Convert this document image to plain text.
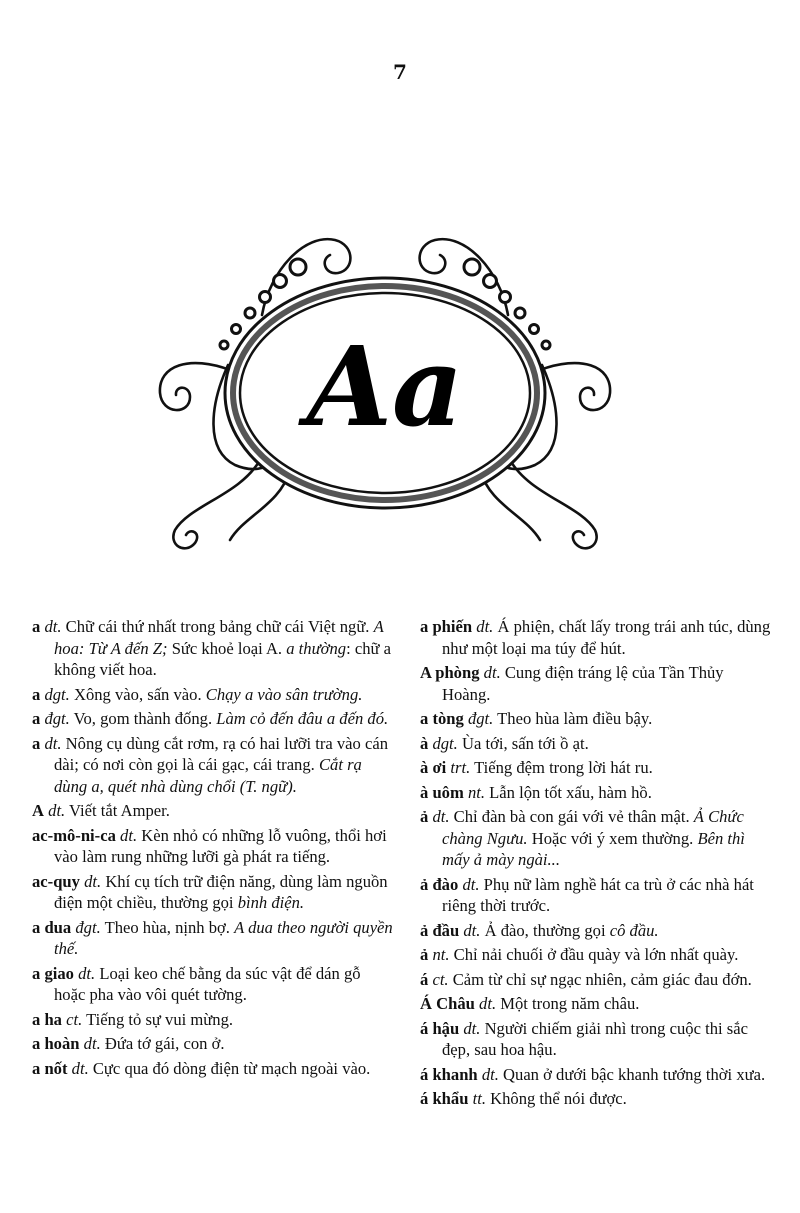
7
Aa

a dt. Chữ cái thứ nhất trong bảng chữ cái Việt ngữ. A hoa: Từ A đến Z; Sức khoẻ loại A. a thường: chữ a không viết hoa.

a dgt. Xông vào, sấn vào. Chạy a vào sân trường.

a đgt. Vo, gom thành đống. Làm cỏ đến đâu a đến đó.

a dt. Nông cụ dùng cắt rơm, rạ có hai lưỡi tra vào cán dài; có nơi còn gọi là cái gạc, cái trang. Cắt rạ dùng a, quét nhà dùng chổi (T. ngữ).

A dt. Viết tắt Amper.

ac-mô-ni-ca dt. Kèn nhỏ có những lỗ vuông, thổi hơi vào làm rung những lưỡi gà phát ra tiếng.

ac-quy dt. Khí cụ tích trữ điện năng, dùng làm nguồn điện một chiều, thường gọi bình điện.

a dua đgt. Theo hùa, nịnh bợ. A dua theo người quyền thế.

a giao dt. Loại keo chế bằng da súc vật để dán gỗ hoặc pha vào vôi quét tường.

a ha ct. Tiếng tỏ sự vui mừng.

a hoàn dt. Đứa tớ gái, con ở.

a nốt dt. Cực qua đó dòng điện từ mạch ngoài vào.

a phiến dt. Á phiện, chất lấy trong trái anh túc, dùng như một loại ma túy để hút.

A phòng dt. Cung điện tráng lệ của Tần Thủy Hoàng.

a tòng đgt. Theo hùa làm điều bậy.

à dgt. Ùa tới, sấn tới ồ ạt.

à ơi trt. Tiếng đệm trong lời hát ru.

à uôm nt. Lẫn lộn tốt xấu, hàm hồ.

ả dt. Chỉ đàn bà con gái với vẻ thân mật. Ả Chức chàng Ngưu. Hoặc với ý xem thường. Bên thì mấy ả mày ngài...

ả đào dt. Phụ nữ làm nghề hát ca trù ở các nhà hát riêng thời trước.

ả đầu dt. Ả đào, thường gọi cô đầu.

ả nt. Chỉ nải chuối ở đầu quày và lớn nhất quày.

á ct. Cảm từ chỉ sự ngạc nhiên, cảm giác đau đớn.

Á Châu dt. Một trong năm châu.

á hậu dt. Người chiếm giải nhì trong cuộc thi sắc đẹp, sau hoa hậu.

á khanh dt. Quan ở dưới bậc khanh tướng thời xưa.

á khẩu tt. Không thể nói được.
